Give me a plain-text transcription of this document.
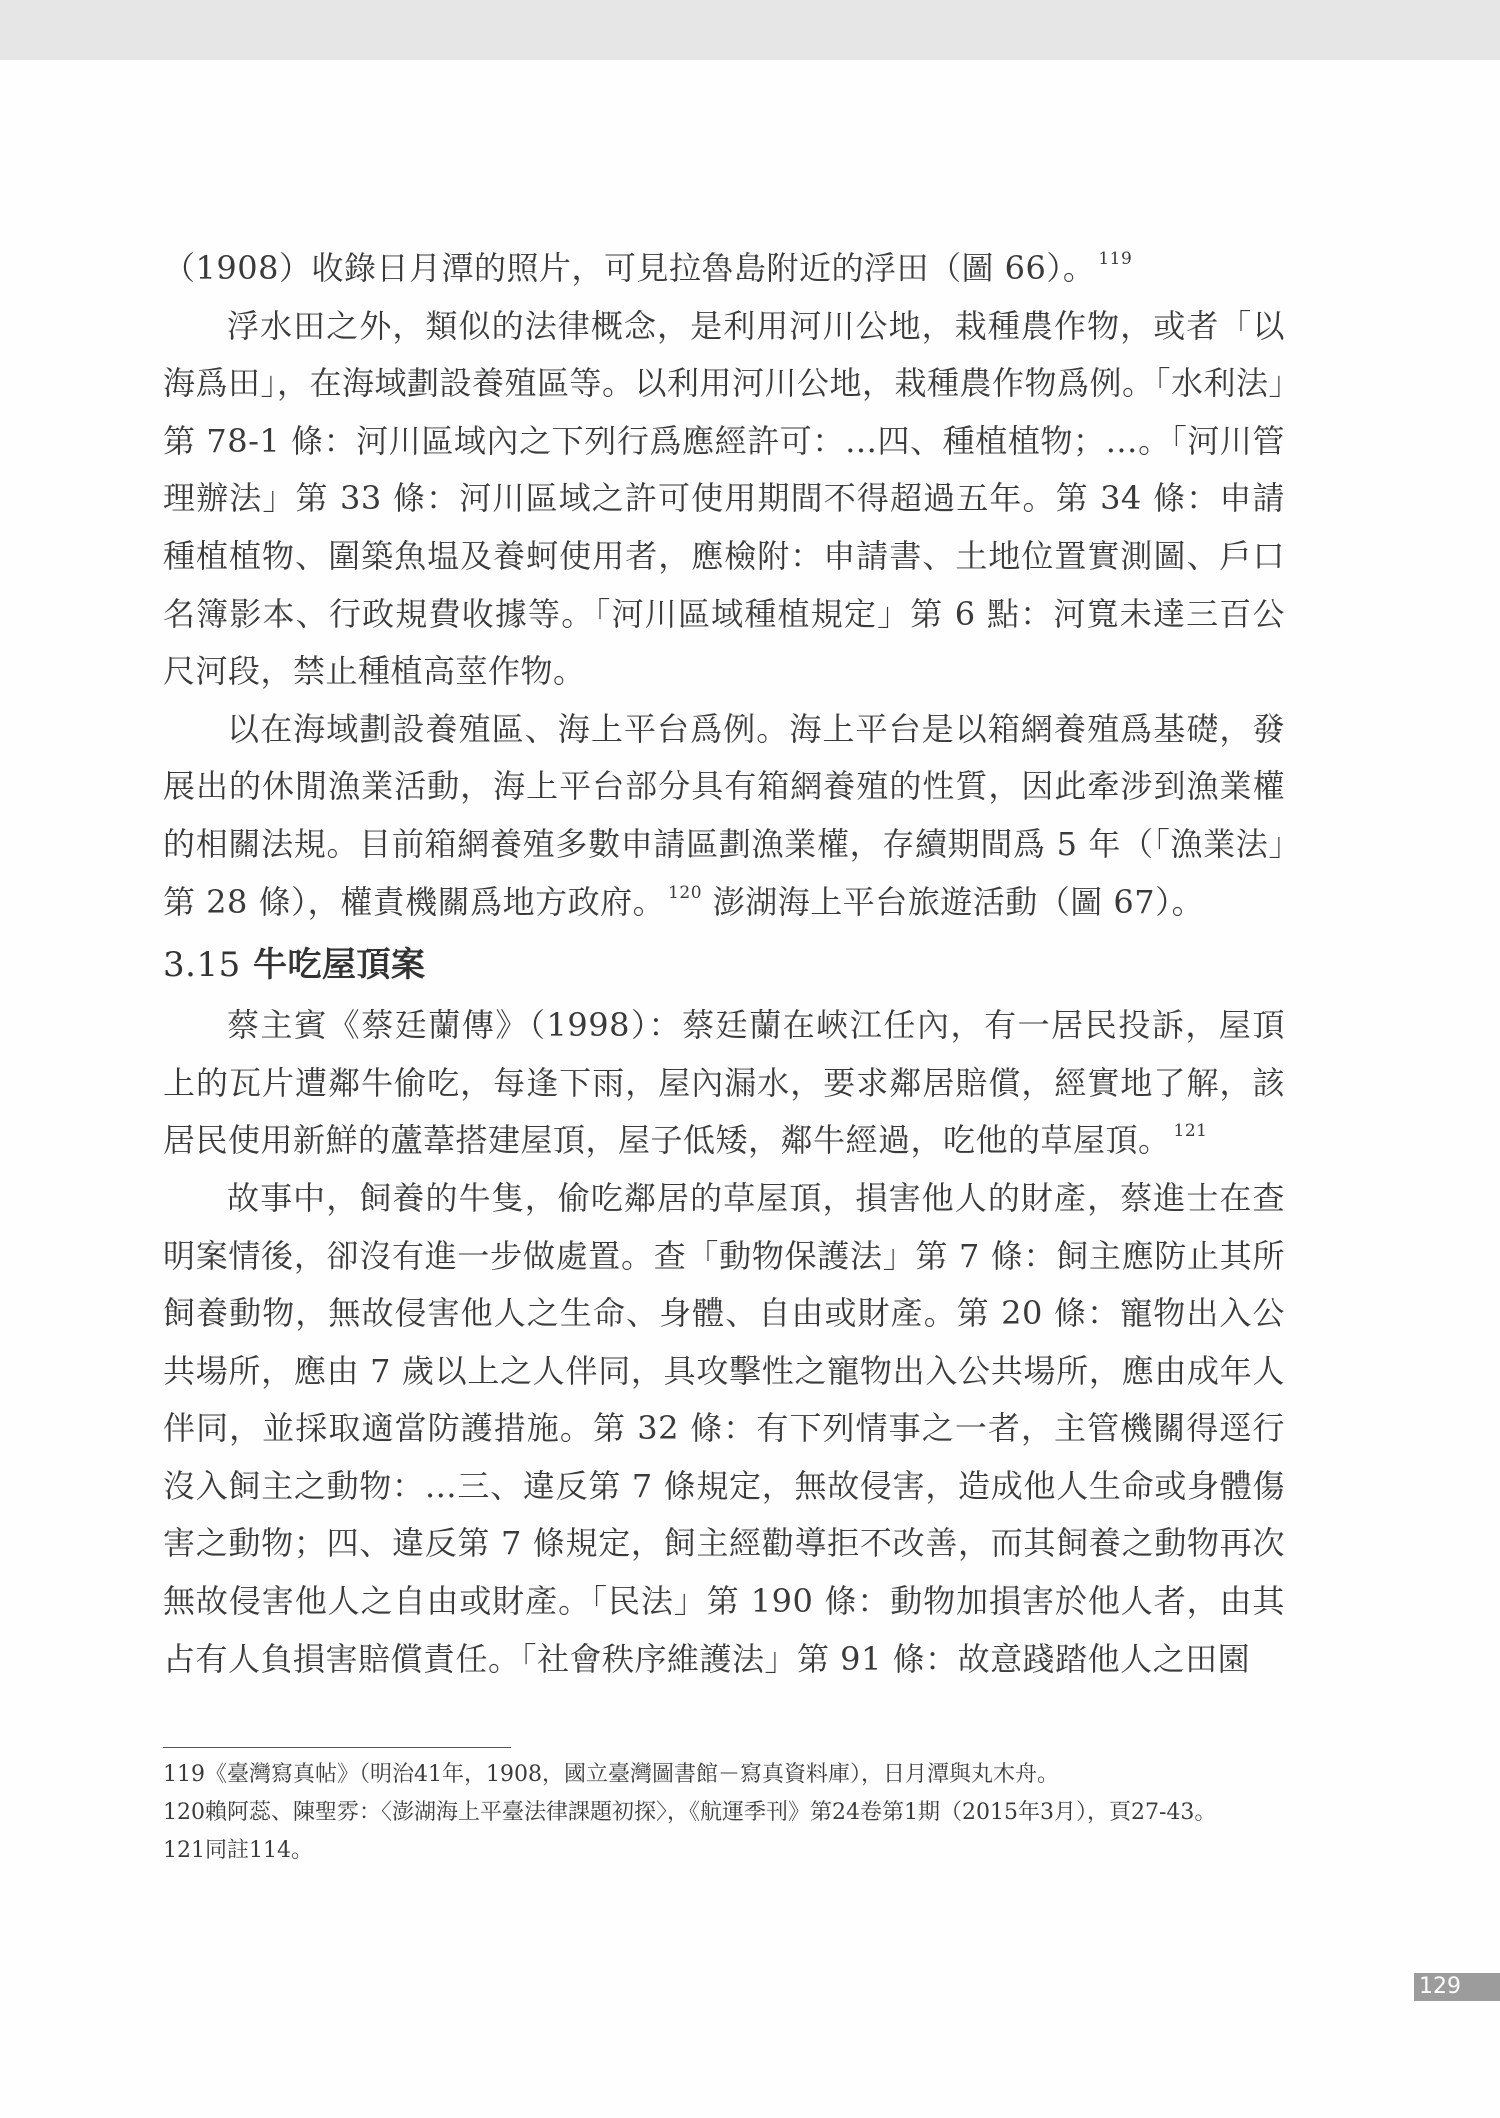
（1908）收錄日月潭的照片，可見拉魯島附近的浮田（圖 66）。 $^{119}$

浮水田之外，類似的法律概念，是利用河川公地，栽種農作物，或者「以海爲田」，在海域劃設養殖區等。以利用河川公地，栽種農作物爲例。「水利法」第 78-1 條：河川區域內之下列行爲應經許可：…四、種植植物；…。「河川管理辦法」第 33 條：河川區域之許可使用期間不得超過五年。第 34 條：申請種植植物、圍築魚塭及養蚵使用者，應檢附：申請書、土地位置實測圖、戶口名簿影本、行政規費收據等。「河川區域種植規定」第 6 點：河寬未達三百公尺河段，禁止種植高莖作物。

以在海域劃設養殖區、海上平台爲例。海上平台是以箱網養殖爲基礎，發展出的休閒漁業活動，海上平台部分具有箱網養殖的性質，因此牽涉到漁業權的相關法規。目前箱網養殖多數申請區劃漁業權，存續期間爲 5 年（「漁業法」第 28 條），權責機關爲地方政府。 $^{120}$ 澎湖海上平台旅遊活動（圖 67）。

3.15 牛吃屋頂案

蔡主賓《蔡廷蘭傳》（1998）：蔡廷蘭在峽江任內，有一居民投訴，屋頂上的瓦片遭鄰牛偷吃，每逢下雨，屋內漏水，要求鄰居賠償，經實地了解，該居民使用新鮮的蘆葦搭建屋頂，屋子低矮，鄰牛經過，吃他的草屋頂。 $^{121}$

故事中，飼養的牛隻，偷吃鄰居的草屋頂，損害他人的財產，蔡進士在查明案情後，卻沒有進一步做處置。查「動物保護法」第 7 條：飼主應防止其所飼養動物，無故侵害他人之生命、身體、自由或財產。第 20 條：寵物出入公共場所，應由 7 歲以上之人伴同，具攻擊性之寵物出入公共場所，應由成年人伴同，並採取適當防護措施。第 32 條：有下列情事之一者，主管機關得逕行沒入飼主之動物：…三、違反第 7 條規定，無故侵害，造成他人生命或身體傷害之動物；四、違反第 7 條規定，飼主經勸導拒不改善，而其飼養之動物再次無故侵害他人之自由或財產。「民法」第 190 條：動物加損害於他人者，由其占有人負損害賠償責任。「社會秩序維護法」第 91 條：故意踐踏他人之田園

119《臺灣寫真帖》（明治41年，1908，國立臺灣圖書館－寫真資料庫），日月潭與丸木舟。

120賴阿蕊、陳聖雰：〈澎湖海上平臺法律課題初探〉，《航運季刊》第24卷第1期（2015年3月），頁27-43。

121同註114。

129
